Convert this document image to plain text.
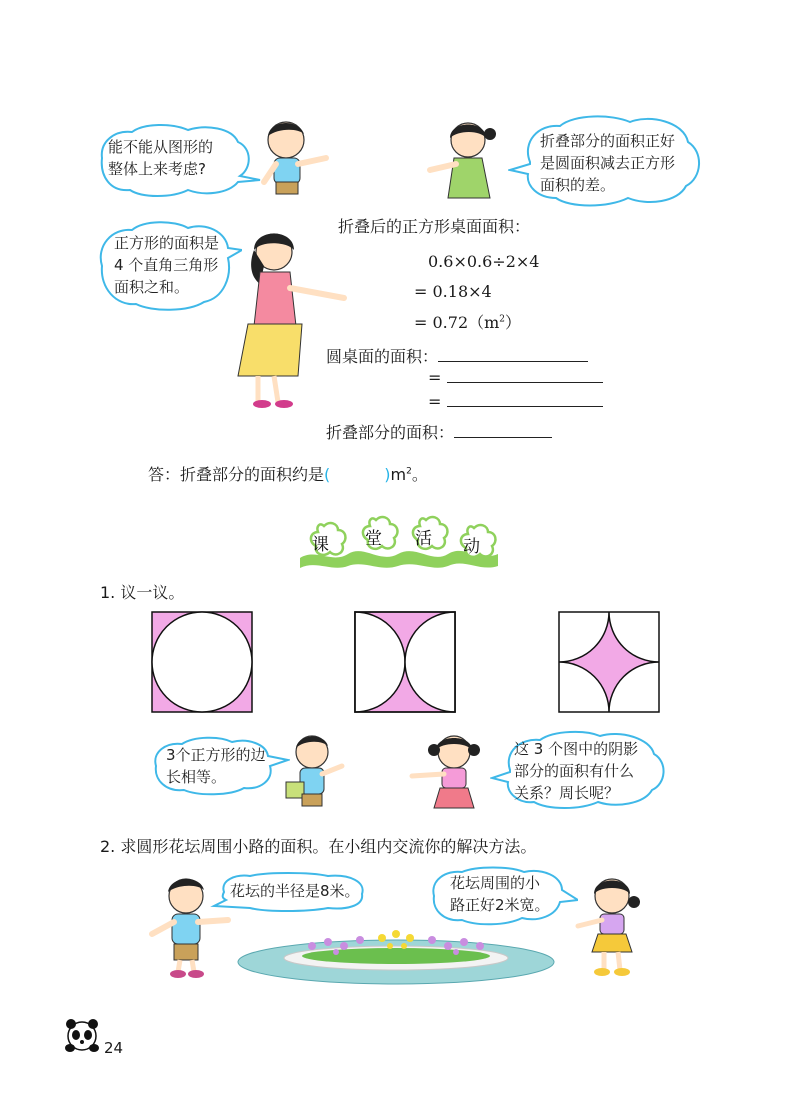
能不能从图形的
整体上来考虑?
折叠部分的面积正好
是圆面积减去正方形
面积的差。
正方形的面积是
4 个直角三角形
面积之和。
折叠后的正方形桌面面积：
0.6×0.6÷2×4
= 0.18×4
= $0.72(m^2)$
圆桌面的面积：
=
=
折叠部分的面积：
答：折叠部分的面积约是(	)$m^2$。
课 堂 活 动
1. 议一议。
3个正方形的边
长相等。
这 3 个图中的阴影
部分的面积有什么
关系？周长呢？
2. 求圆形花坛周围小路的面积。在小组内交流你的解决方法。
花坛的半径是8米。	花坛周围的小
路正好2米宽。
24
